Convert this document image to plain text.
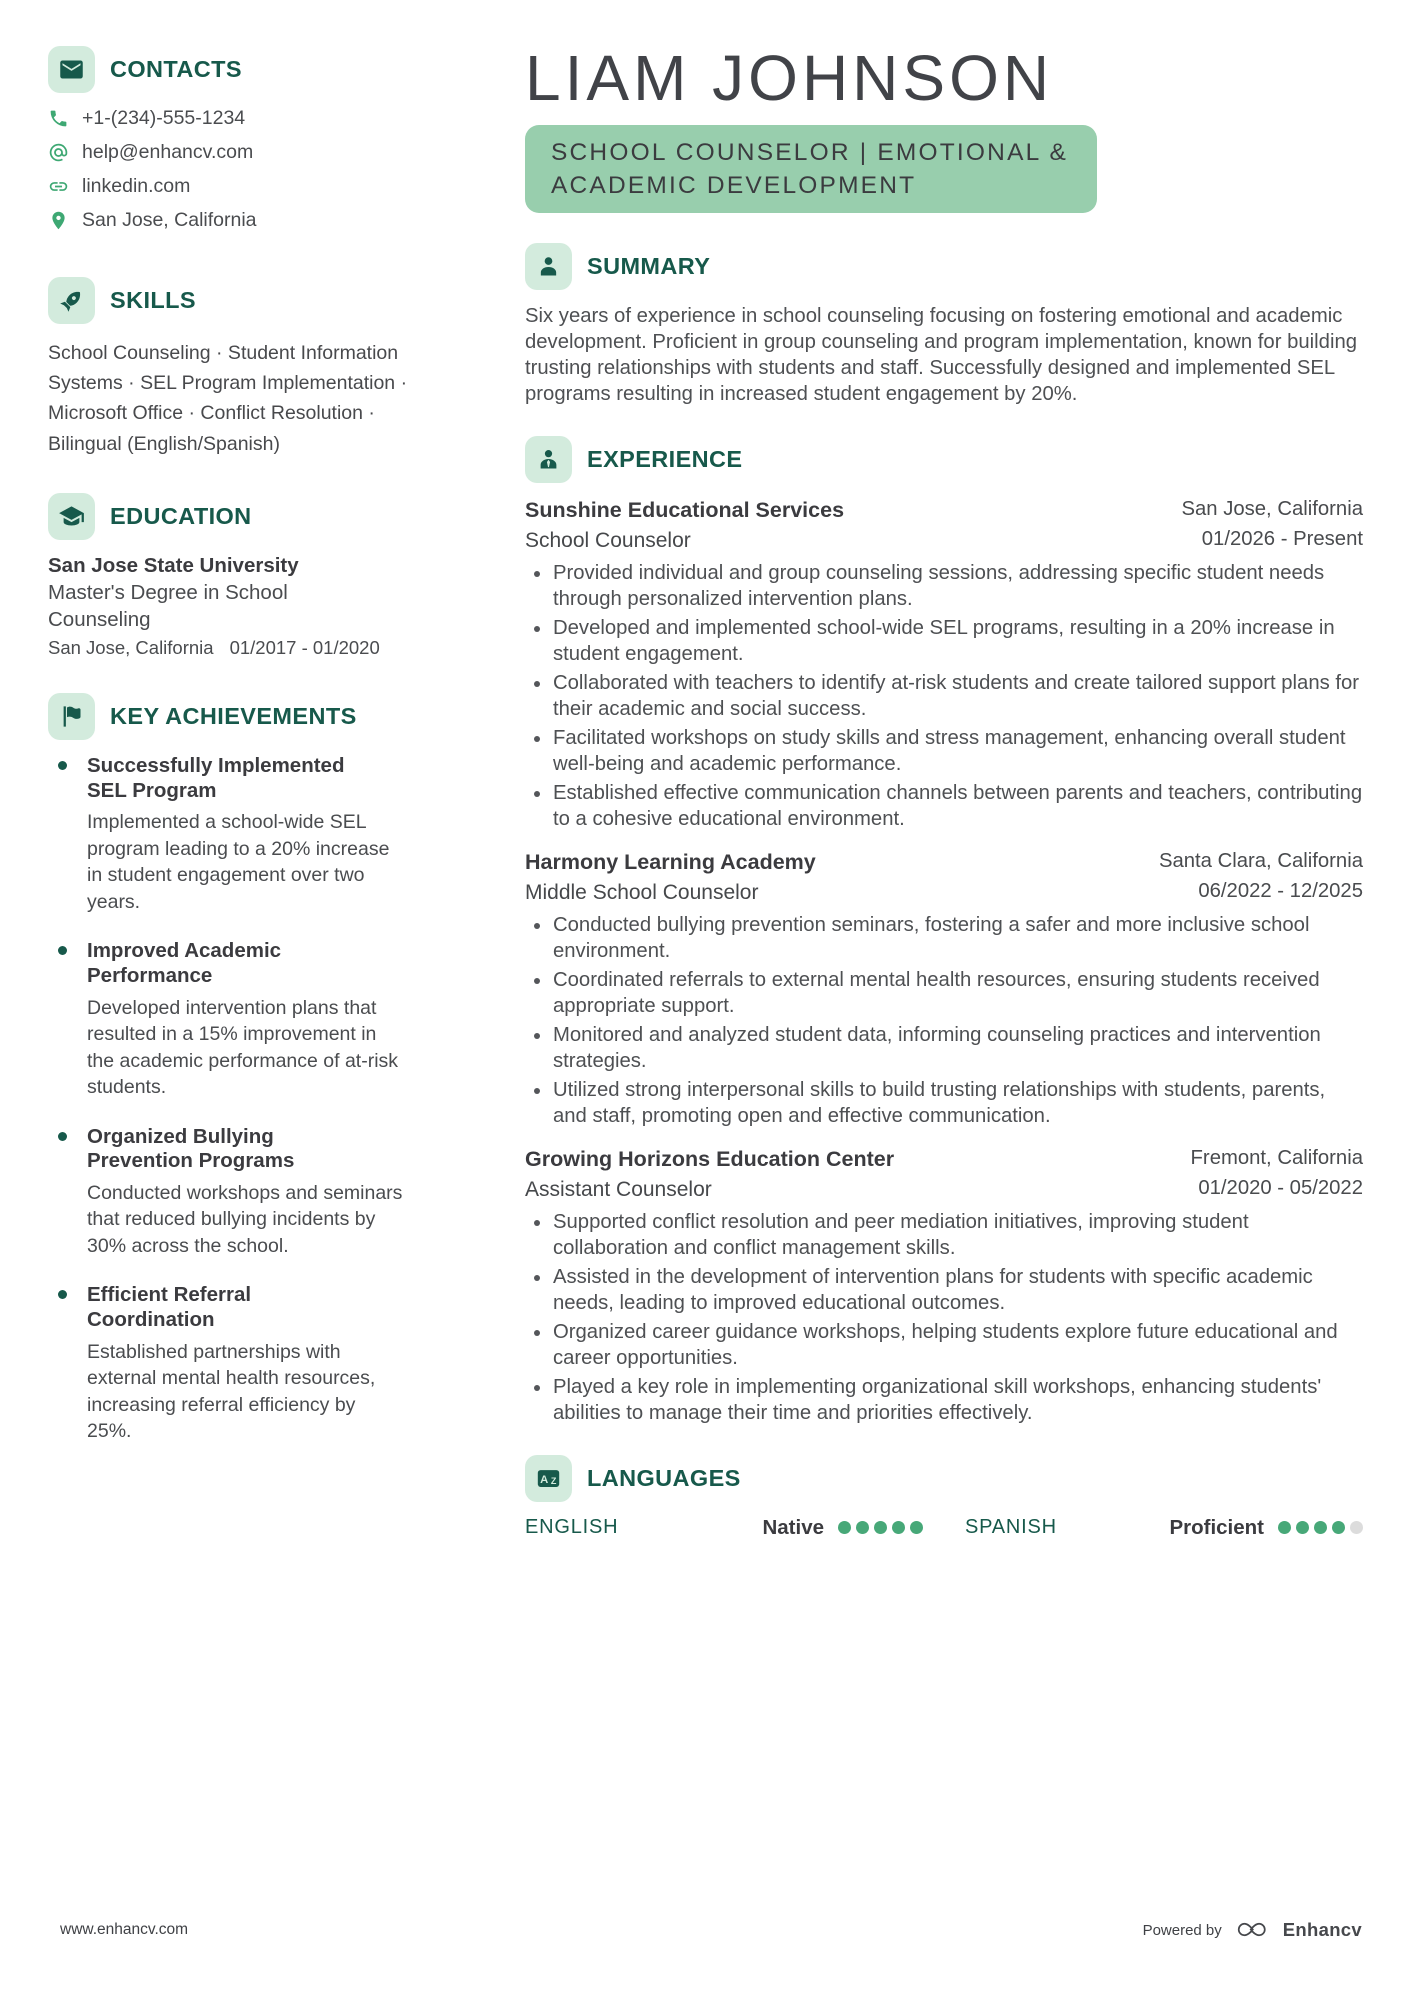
CONTACTS
+1-(234)-555-1234
help@enhancv.com
linkedin.com
San Jose, California
SKILLS

School Counseling · Student Information Systems · SEL Program Implementation · Microsoft Office · Conflict Resolution · Bilingual (English/Spanish)

EDUCATION
San Jose State University
Master's Degree in School Counseling
San Jose, California 01/2017 - 01/2020
KEY ACHIEVEMENTS
Successfully Implemented SEL Program
Implemented a school-wide SEL program leading to a 20% increase in student engagement over two years.
Improved Academic Performance
Developed intervention plans that resulted in a 15% improvement in the academic performance of at-risk students.
Organized Bullying Prevention Programs
Conducted workshops and seminars that reduced bullying incidents by 30% across the school.
Efficient Referral Coordination
Established partnerships with external mental health resources, increasing referral efficiency by 25%.
LIAM JOHNSON
SCHOOL COUNSELOR | EMOTIONAL & ACADEMIC DEVELOPMENT
SUMMARY

Six years of experience in school counseling focusing on fostering emotional and academic development. Proficient in group counseling and program implementation, known for building trusting relationships with students and staff. Successfully designed and implemented SEL programs resulting in increased student engagement by 20%.

EXPERIENCE
Sunshine Educational Services	San Jose, California
School Counselor	01/2026 - Present
Provided individual and group counseling sessions, addressing specific student needs through personalized intervention plans.
Developed and implemented school-wide SEL programs, resulting in a 20% increase in student engagement.
Collaborated with teachers to identify at-risk students and create tailored support plans for their academic and social success.
Facilitated workshops on study skills and stress management, enhancing overall student well-being and academic performance.
Established effective communication channels between parents and teachers, contributing to a cohesive educational environment.
Harmony Learning Academy	Santa Clara, California
Middle School Counselor	06/2022 - 12/2025
Conducted bullying prevention seminars, fostering a safer and more inclusive school environment.
Coordinated referrals to external mental health resources, ensuring students received appropriate support.
Monitored and analyzed student data, informing counseling practices and intervention strategies.
Utilized strong interpersonal skills to build trusting relationships with students, parents, and staff, promoting open and effective communication.
Growing Horizons Education Center	Fremont, California
Assistant Counselor	01/2020 - 05/2022
Supported conflict resolution and peer mediation initiatives, improving student collaboration and conflict management skills.
Assisted in the development of intervention plans for students with specific academic needs, leading to improved educational outcomes.
Organized career guidance workshops, helping students explore future educational and career opportunities.
Played a key role in implementing organizational skill workshops, enhancing students' abilities to manage their time and priorities effectively.
A Z LANGUAGES
ENGLISH	Native	SPANISH	Proficient
www.enhancv.com	Powered by	Enhancv
